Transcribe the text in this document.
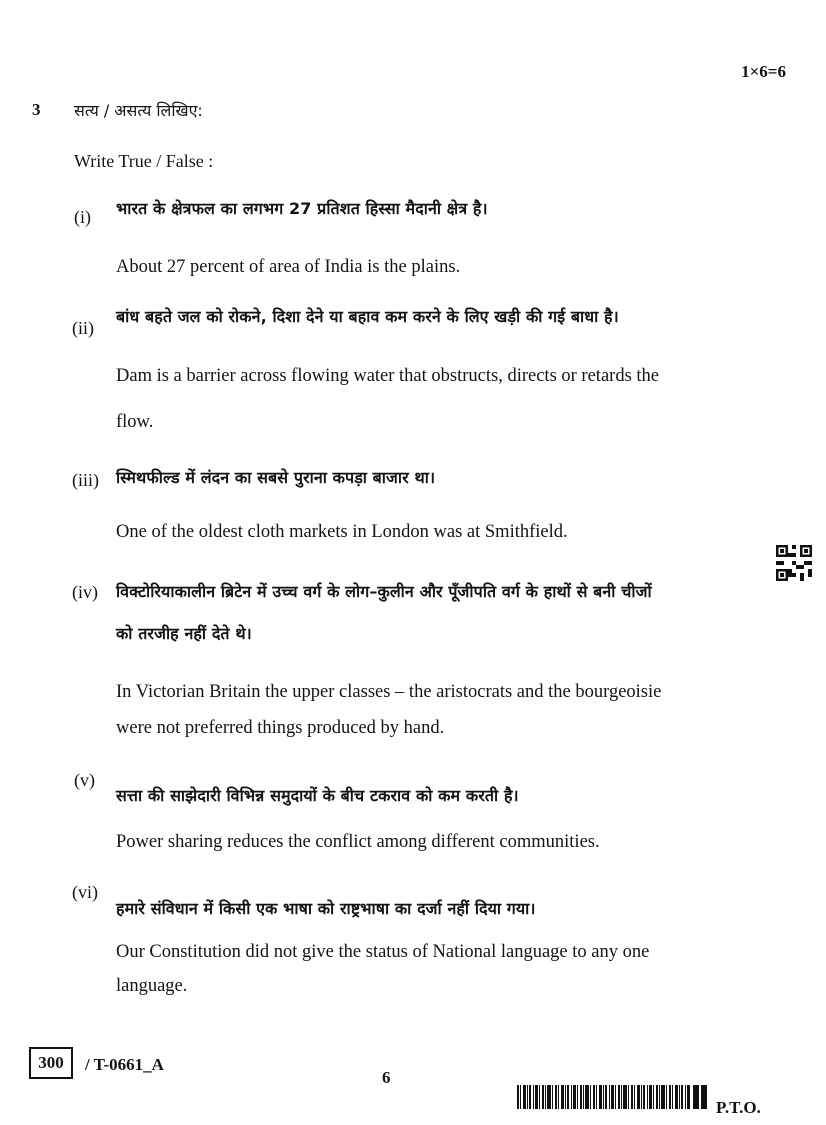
1×6=6
3 सत्य / असत्य लिखिए:
Write True / False :
(i) भारत के क्षेत्रफल का लगभग 27 प्रतिशत हिस्सा मैदानी क्षेत्र है।
About 27 percent of area of India is the plains.
(ii)
बांध बहते जल को रोकने, दिशा देने या बहाव कम करने के लिए खड़ी की गई बाधा है।
Dam is a barrier across flowing water that obstructs, directs or retards the
flow.
(iii) स्मिथफील्ड में लंदन का सबसे पुराना कपड़ा बाजार था।
One of the oldest cloth markets in London was at Smithfield.
(iv) विक्टोरियाकालीन ब्रिटेन में उच्च वर्ग के लोग–कुलीन और पूँजीपति वर्ग के हाथों से बनी चीजों
को तरजीह नहीं देते थे।
In Victorian Britain the upper classes – the aristocrats and the bourgeoisie
were not preferred things produced by hand.
(v)
सत्ता की साझेदारी विभिन्न समुदायों के बीच टकराव को कम करती है।
Power sharing reduces the conflict among different communities.
(vi)
हमारे संविधान में किसी एक भाषा को राष्ट्रभाषा का दर्जा नहीं दिया गया।
Our Constitution did not give the status of National language to any one
language.
300	/ T-0661_A
6
P.T.O.
